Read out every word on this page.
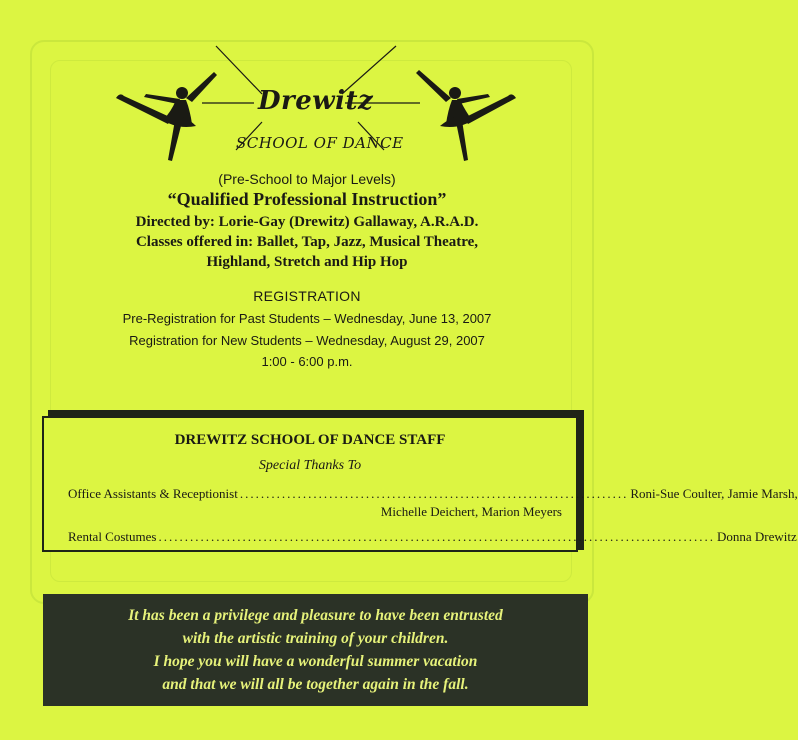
Drewitz
SCHOOL OF DANCE
(Pre-School to Major Levels)
“Qualified Professional Instruction”
Directed by: Lorie-Gay (Drewitz) Gallaway, A.R.A.D.
Classes offered in: Ballet, Tap, Jazz, Musical Theatre,
Highland, Stretch and Hip Hop
REGISTRATION
Pre-Registration for Past Students – Wednesday, June 13, 2007
Registration for New Students – Wednesday, August 29, 2007
1:00 - 6:00 p.m.
DREWITZ SCHOOL OF DANCE STAFF
Special Thanks To
Office Assistants & Receptionist .......................................................................... Roni-Sue Coulter, Jamie Marsh,
Michelle Deichert, Marion Meyers
Rental Costumes .......................................................................................................... Donna Drewitz
It has been a privilege and pleasure to have been entrusted
with the artistic training of your children.
I hope you will have a wonderful summer vacation
and that we will all be together again in the fall.
